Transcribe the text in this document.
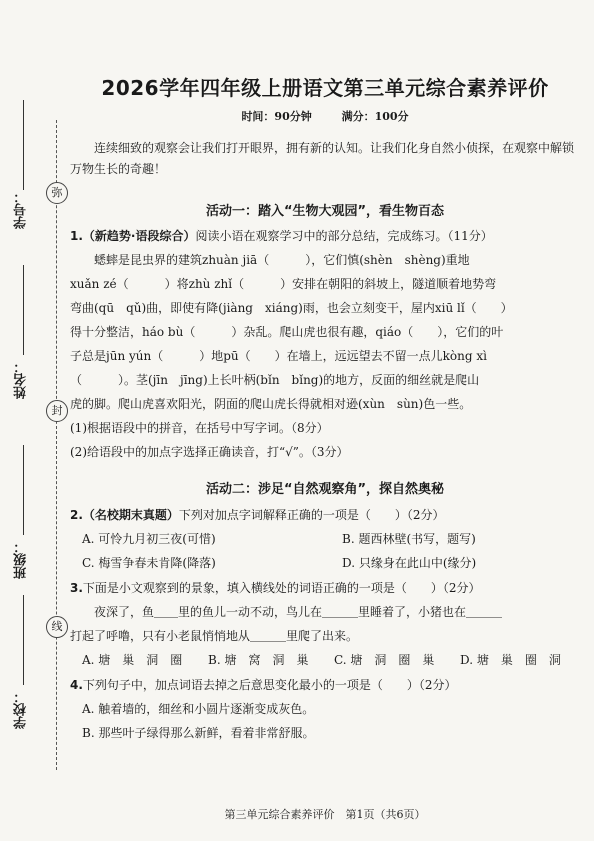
弥
封
线
学号：
姓名：
班级：
学校：
2026学年四年级上册语文第三单元综合素养评价
时间：90分钟	满分：100分
连续细致的观察会让我们打开眼界，拥有新的认知。让我们化身自然小侦探，在观察中解锁万物生长的奇趣！
活动一：踏入“生物大观园”，看生物百态
1.（新趋势·语段综合）阅读小语在观察学习中的部分总结，完成练习。（11分）
蟋蟀是昆虫界的建筑zhuàn jiā（　　　），它们慎(shèn　shèng)重地
xuǎn zé（　　　）将zhù zhǐ（　　　）安排在朝阳的斜坡上，隧道顺着地势弯
弯曲(qū　qǔ)曲，即使有降(jiàng　xiáng)雨，也会立刻变干，屋内xiū lǐ（　　）
得十分整洁，háo bù（　　　）杂乱。爬山虎也很有趣，qiáo（　　），它们的叶
子总是jūn yún（　　　）地pū（　　）在墙上，远远望去不留一点儿kòng xì
（　　　）。茎(jīn　jīng)上长叶柄(bǐn　bǐng)的地方，反面的细丝就是爬山
虎的脚。爬山虎喜欢阳光，阴面的爬山虎长得就相对逊(xùn　sùn)色一些。
(1)根据语段中的拼音，在括号中写字词。（8分）
(2)给语段中的加点字选择正确读音，打“√”。（3分）
活动二：涉足“自然观察角”，探自然奥秘
2.（名校期末真题）下列对加点字词解释正确的一项是（　　）（2分）
A. 可怜九月初三夜(可惜)	B. 题西林壁(书写，题写)
C. 梅雪争春未肯降(降落)	D. 只缘身在此山中(缘分)
3.下面是小文观察到的景象，填入横线处的词语正确的一项是（　　）（2分）
夜深了，鱼＿＿里的鱼儿一动不动，鸟儿在＿＿＿里睡着了，小猪也在＿＿＿
打起了呼噜，只有小老鼠悄悄地从＿＿＿里爬了出来。
A. 塘　巢　洞　圈 B. 塘　窝　洞　巢 C. 塘　洞　圈　巢 D. 塘　巢　圈　洞
4.下列句子中，加点词语去掉之后意思变化最小的一项是（　　）（2分）
A. 触着墙的，细丝和小圆片逐渐变成灰色。
B. 那些叶子绿得那么新鲜，看着非常舒服。
第三单元综合素养评价　第1页（共6页）
